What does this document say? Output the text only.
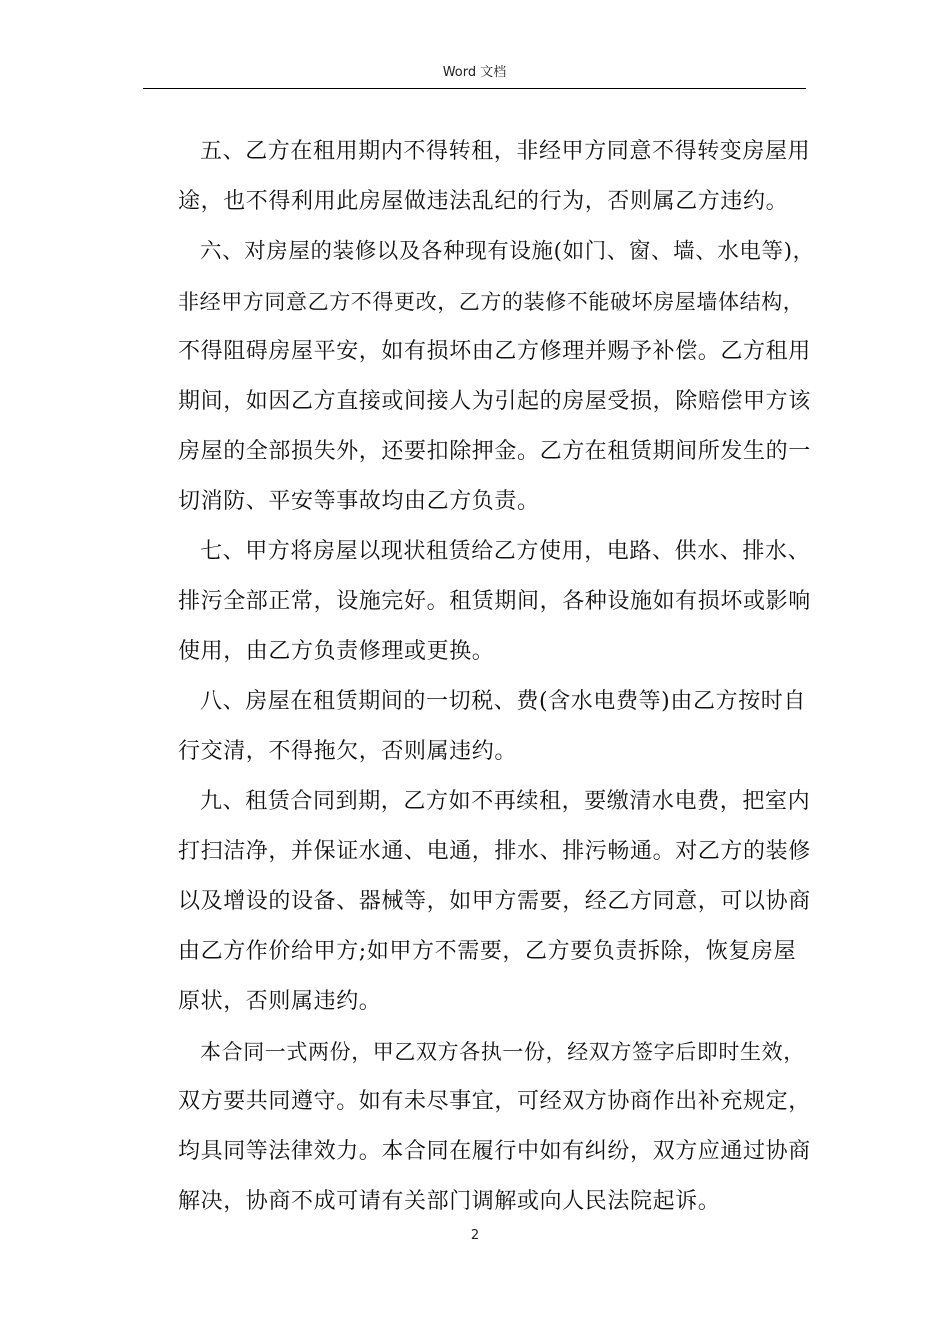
Word 文档
五、乙方在租用期内不得转租，非经甲方同意不得转变房屋用
途，也不得利用此房屋做违法乱纪的行为，否则属乙方违约。
六、对房屋的装修以及各种现有设施(如门、窗、墙、水电等)，
非经甲方同意乙方不得更改，乙方的装修不能破坏房屋墙体结构，
不得阻碍房屋平安，如有损坏由乙方修理并赐予补偿。乙方租用
期间，如因乙方直接或间接人为引起的房屋受损，除赔偿甲方该
房屋的全部损失外，还要扣除押金。乙方在租赁期间所发生的一
切消防、平安等事故均由乙方负责。
七、甲方将房屋以现状租赁给乙方使用，电路、供水、排水、
排污全部正常，设施完好。租赁期间，各种设施如有损坏或影响
使用，由乙方负责修理或更换。
八、房屋在租赁期间的一切税、费(含水电费等)由乙方按时自
行交清，不得拖欠，否则属违约。
九、租赁合同到期，乙方如不再续租，要缴清水电费，把室内
打扫洁净，并保证水通、电通，排水、排污畅通。对乙方的装修
以及增设的设备、器械等，如甲方需要，经乙方同意，可以协商
由乙方作价给甲方;如甲方不需要，乙方要负责拆除，恢复房屋
原状，否则属违约。
本合同一式两份，甲乙双方各执一份，经双方签字后即时生效，
双方要共同遵守。如有未尽事宜，可经双方协商作出补充规定，
均具同等法律效力。本合同在履行中如有纠纷，双方应通过协商
解决，协商不成可请有关部门调解或向人民法院起诉。
2
